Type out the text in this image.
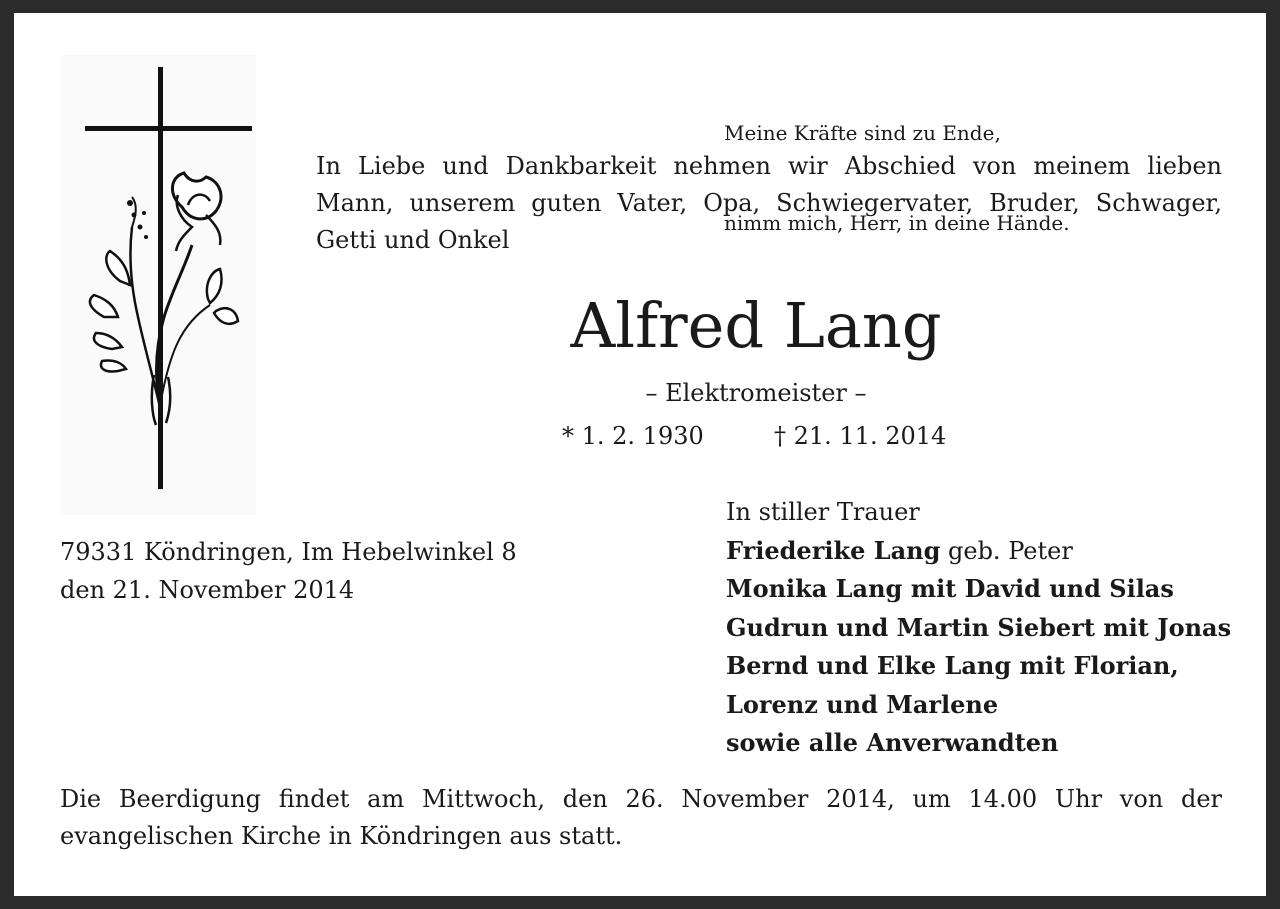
Meine Kräfte sind zu Ende,

nimm mich, Herr, in deine Hände.

In Liebe und Dankbarkeit nehmen wir Abschied von meinem lieben Mann, unserem guten Vater, Opa, Schwiegervater, Bruder, Schwager, Getti und Onkel
Alfred Lang
– Elektromeister –
* 1. 2. 1930	† 21. 11. 2014
79331 Köndringen, Im Hebelwinkel 8
den 21. November 2014
In stiller Trauer
Friederike Lang geb. Peter
Monika Lang mit David und Silas
Gudrun und Martin Siebert mit Jonas
Bernd und Elke Lang mit Florian,
Lorenz und Marlene
sowie alle Anverwandten
Die Beerdigung findet am Mittwoch, den 26. November 2014, um 14.00 Uhr von der evangelischen Kirche in Köndringen aus statt.
